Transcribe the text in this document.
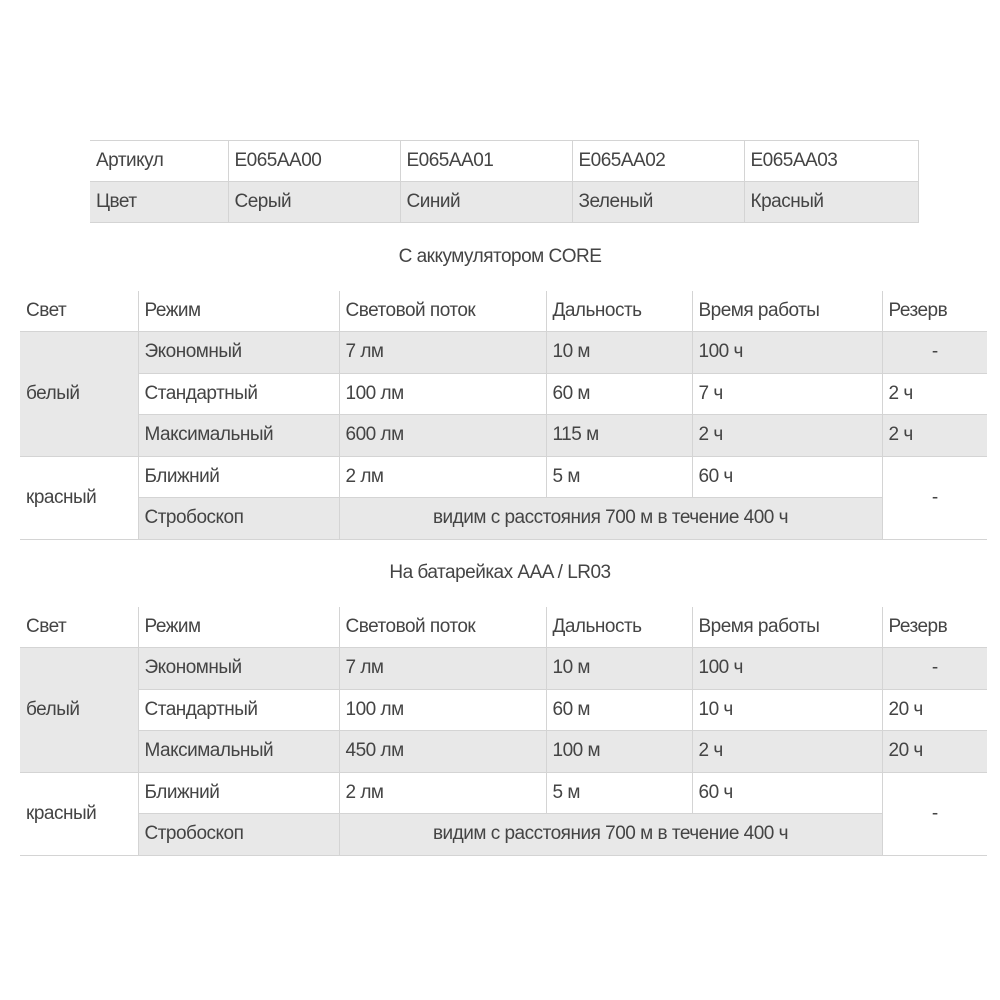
Артикул	E065AA00	E065AA01	E065AA02	E065AA03
Цвет	Серый	Синий	Зеленый	Красный
С аккумулятором CORE
Свет	Режим	Световой поток	Дальность	Время работы	Резерв
белый	Экономный	7 лм	10 м	100 ч	-
	Стандартный	100 лм	60 м	7 ч	2 ч
	Максимальный	600 лм	115 м	2 ч	2 ч
красный	Ближний	2 лм	5 м	60 ч	-
	Стробоскоп	видим с расстояния 700 м в течение 400 ч			
На батарейках AAA / LR03
Свет	Режим	Световой поток	Дальность	Время работы	Резерв
белый	Экономный	7 лм	10 м	100 ч	-
	Стандартный	100 лм	60 м	10 ч	20 ч
	Максимальный	450 лм	100 м	2 ч	20 ч
красный	Ближний	2 лм	5 м	60 ч	-
	Стробоскоп	видим с расстояния 700 м в течение 400 ч			
